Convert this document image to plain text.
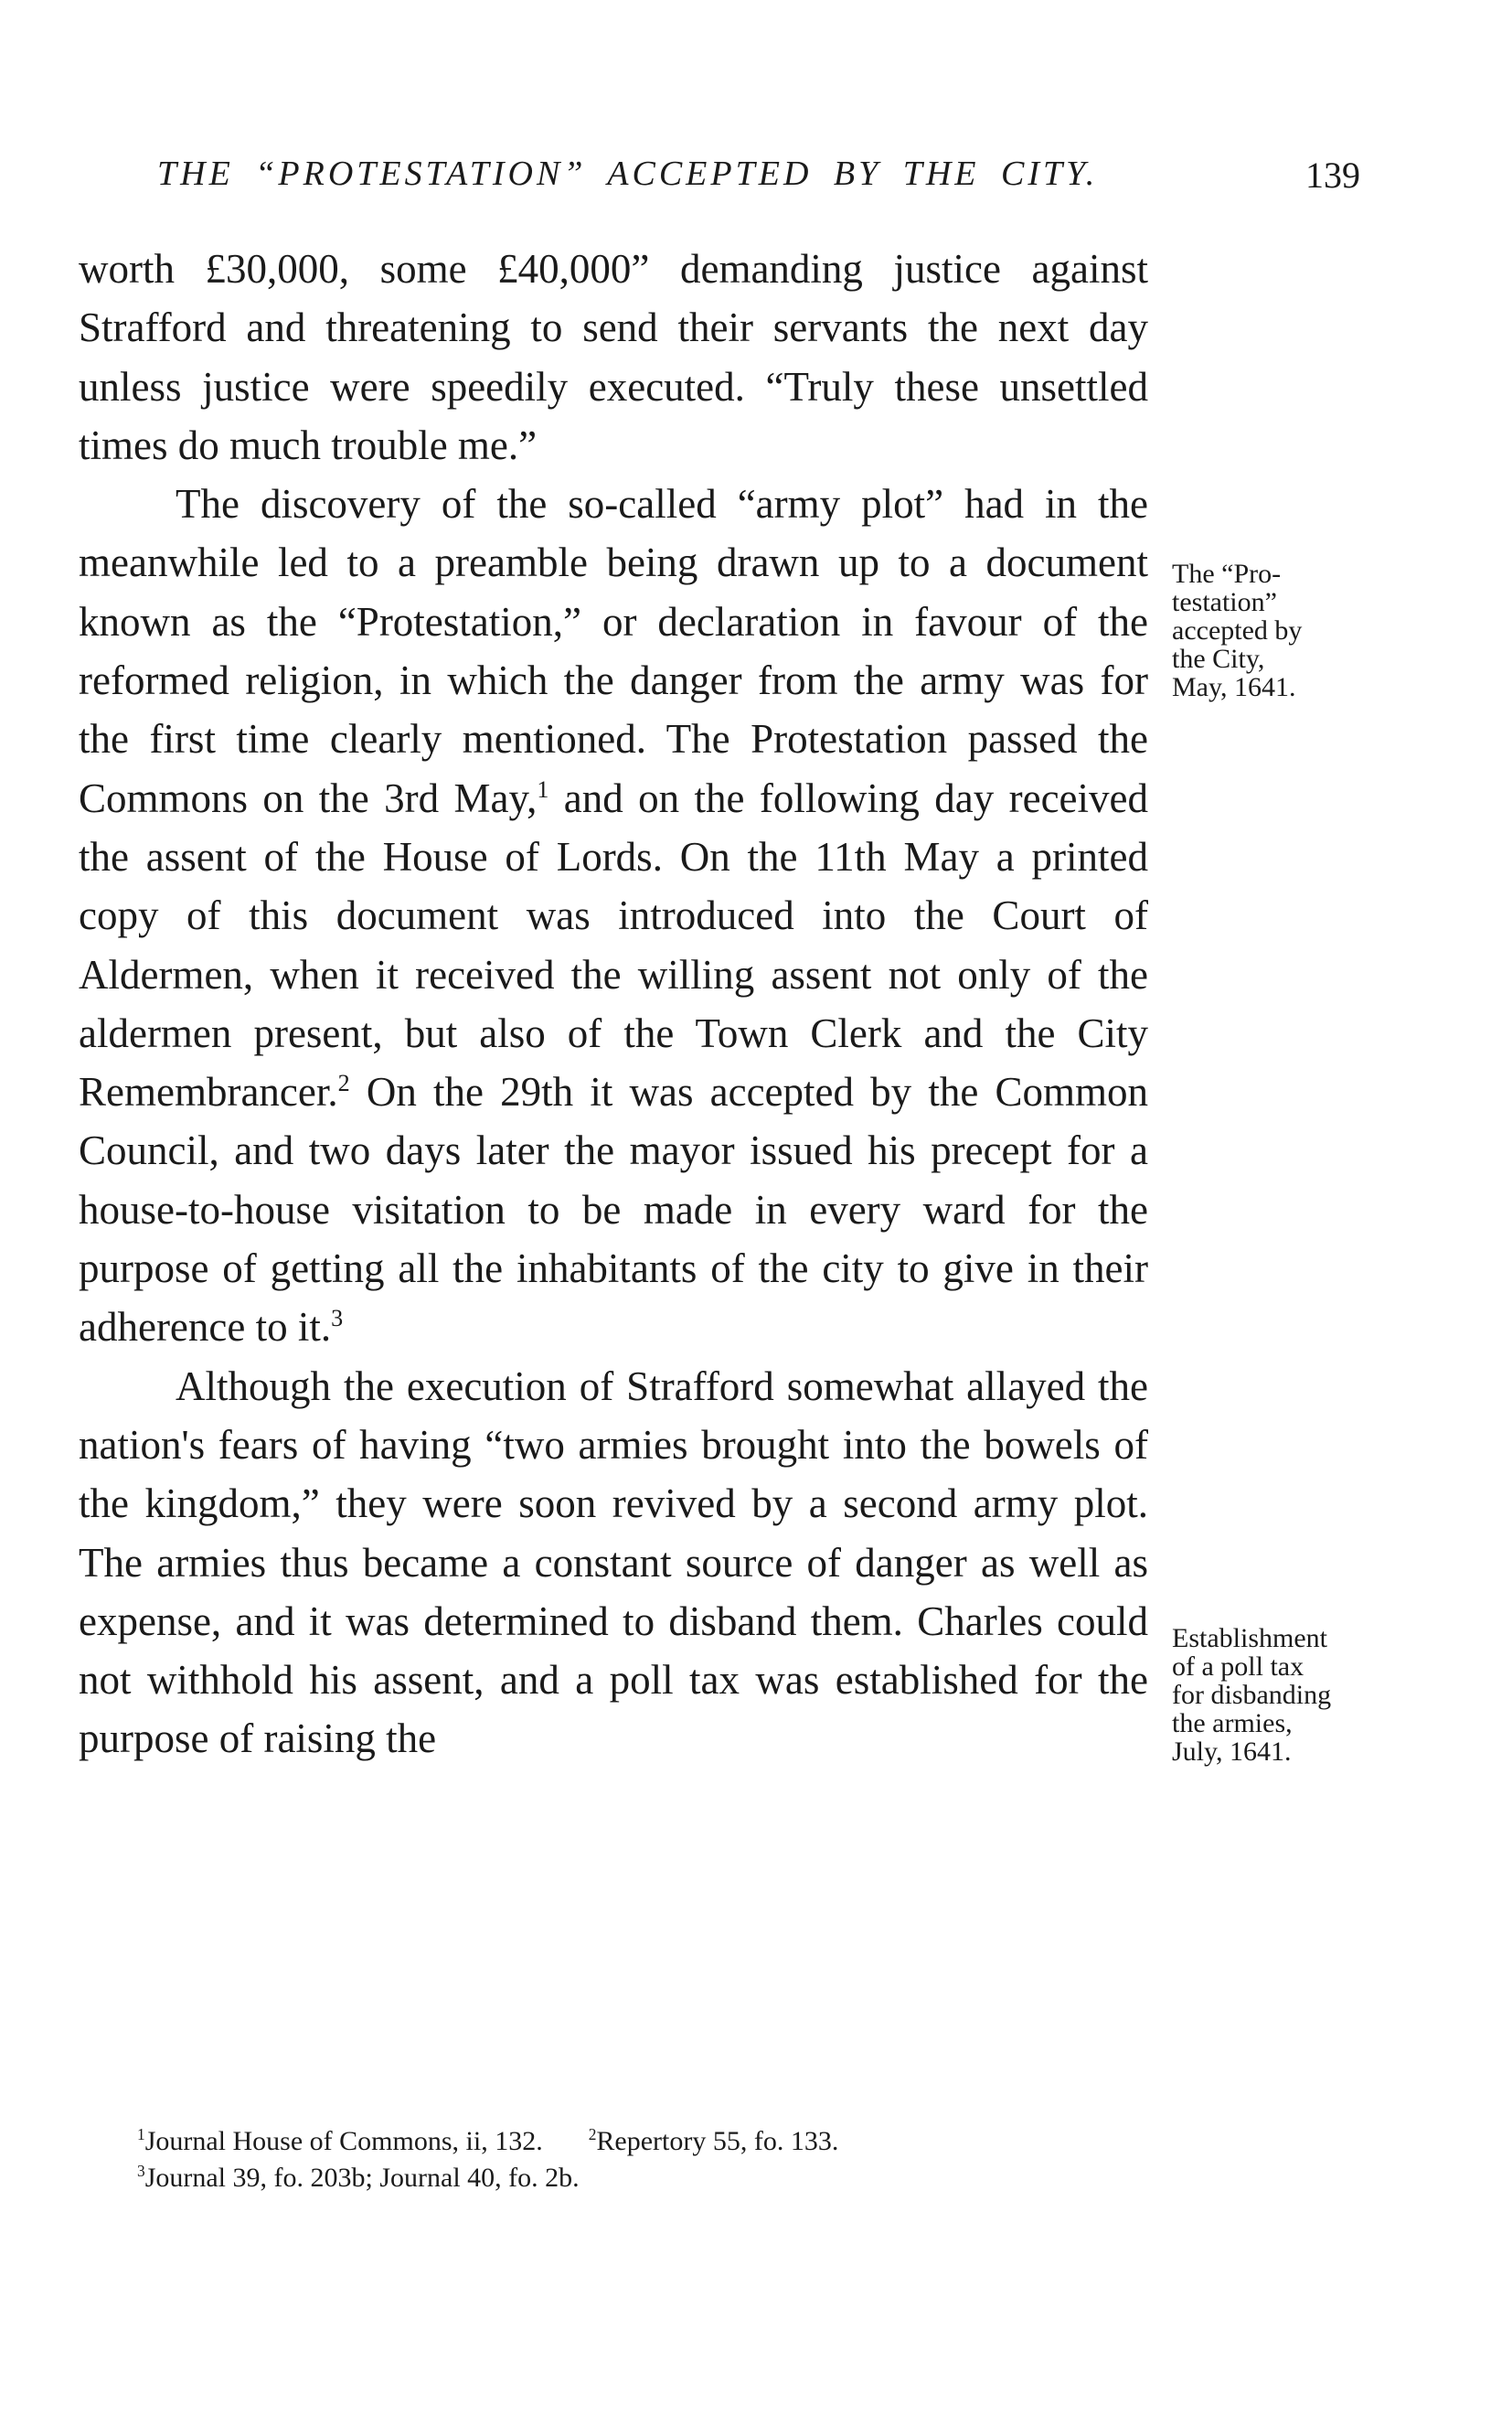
THE “PROTESTATION” ACCEPTED BY THE CITY.	139

worth £30,000, some £40,000” demanding justice against Strafford and threatening to send their servants the next day unless justice were speedily executed. “Truly these unsettled times do much trouble me.”

The discovery of the so-called “army plot” had in the meanwhile led to a preamble being drawn up to a document known as the “Protestation,” or declaration in favour of the reformed religion, in which the danger from the army was for the first time clearly mentioned. The Protestation passed the Commons on the 3rd May,$^1$ and on the following day received the assent of the House of Lords. On the 11th May a printed copy of this document was introduced into the Court of Aldermen, when it received the willing assent not only of the aldermen present, but also of the Town Clerk and the City Remembrancer.$^2$ On the 29th it was accepted by the Common Council, and two days later the mayor issued his precept for a house-to-house visitation to be made in every ward for the purpose of getting all the inhabitants of the city to give in their adherence to it.$^3$

Although the execution of Strafford somewhat allayed the nation's fears of having “two armies brought into the bowels of the kingdom,” they were soon revived by a second army plot. The armies thus became a constant source of danger as well as expense, and it was determined to disband them. Charles could not withhold his assent, and a poll tax was established for the purpose of raising the

The “Pro-
testation”
accepted by
the City,
May, 1641.
Establishment
of a poll tax
for disbanding
the armies,
July, 1641.
$^1$Journal House of Commons, ii, 132.	$^2$Repertory 55, fo. 133.
$^3$Journal 39, fo. 203b; Journal 40, fo. 2b.
